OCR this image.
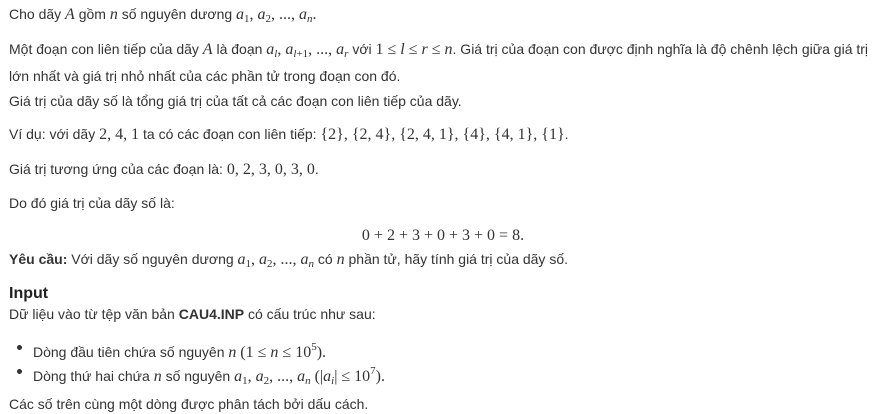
Cho dãy A gồm n số nguyên dương $a_1$, $a_2$, ..., $a_n$.
Một đoạn con liên tiếp của dãy A là đoạn $a_l$, $a_{l+1}$, ..., $a_r$ với 1 ≤ l ≤ r ≤ n. Giá trị của đoạn con được định nghĩa là độ chênh lệch giữa giá trị lớn nhất và giá trị nhỏ nhất của các phần tử trong đoạn con đó.
Giá trị của dãy số là tổng giá trị của tất cả các đoạn con liên tiếp của dãy.
Ví dụ: với dãy 2, 4, 1 ta có các đoạn con liên tiếp: {2}, {2, 4}, {2, 4, 1}, {4}, {4, 1}, {1}.
Giá trị tương ứng của các đoạn là: 0, 2, 3, 0, 3, 0.
Do đó giá trị của dãy số là:
0 + 2 + 3 + 0 + 3 + 0 = 8.
Yêu cầu: Với dãy số nguyên dương $a_1$, $a_2$, ..., $a_n$ có n phần tử, hãy tính giá trị của dãy số.
Input
Dữ liệu vào từ tệp văn bản CAU4.INP có cấu trúc như sau:
Dòng đầu tiên chứa số nguyên n $(1 \le n \le 10^5)$.
Dòng thứ hai chứa n số nguyên $a_1$, $a_2$, ..., $a_n$ $(|a_i| \le 10^7)$.
Các số trên cùng một dòng được phân tách bởi dấu cách.
